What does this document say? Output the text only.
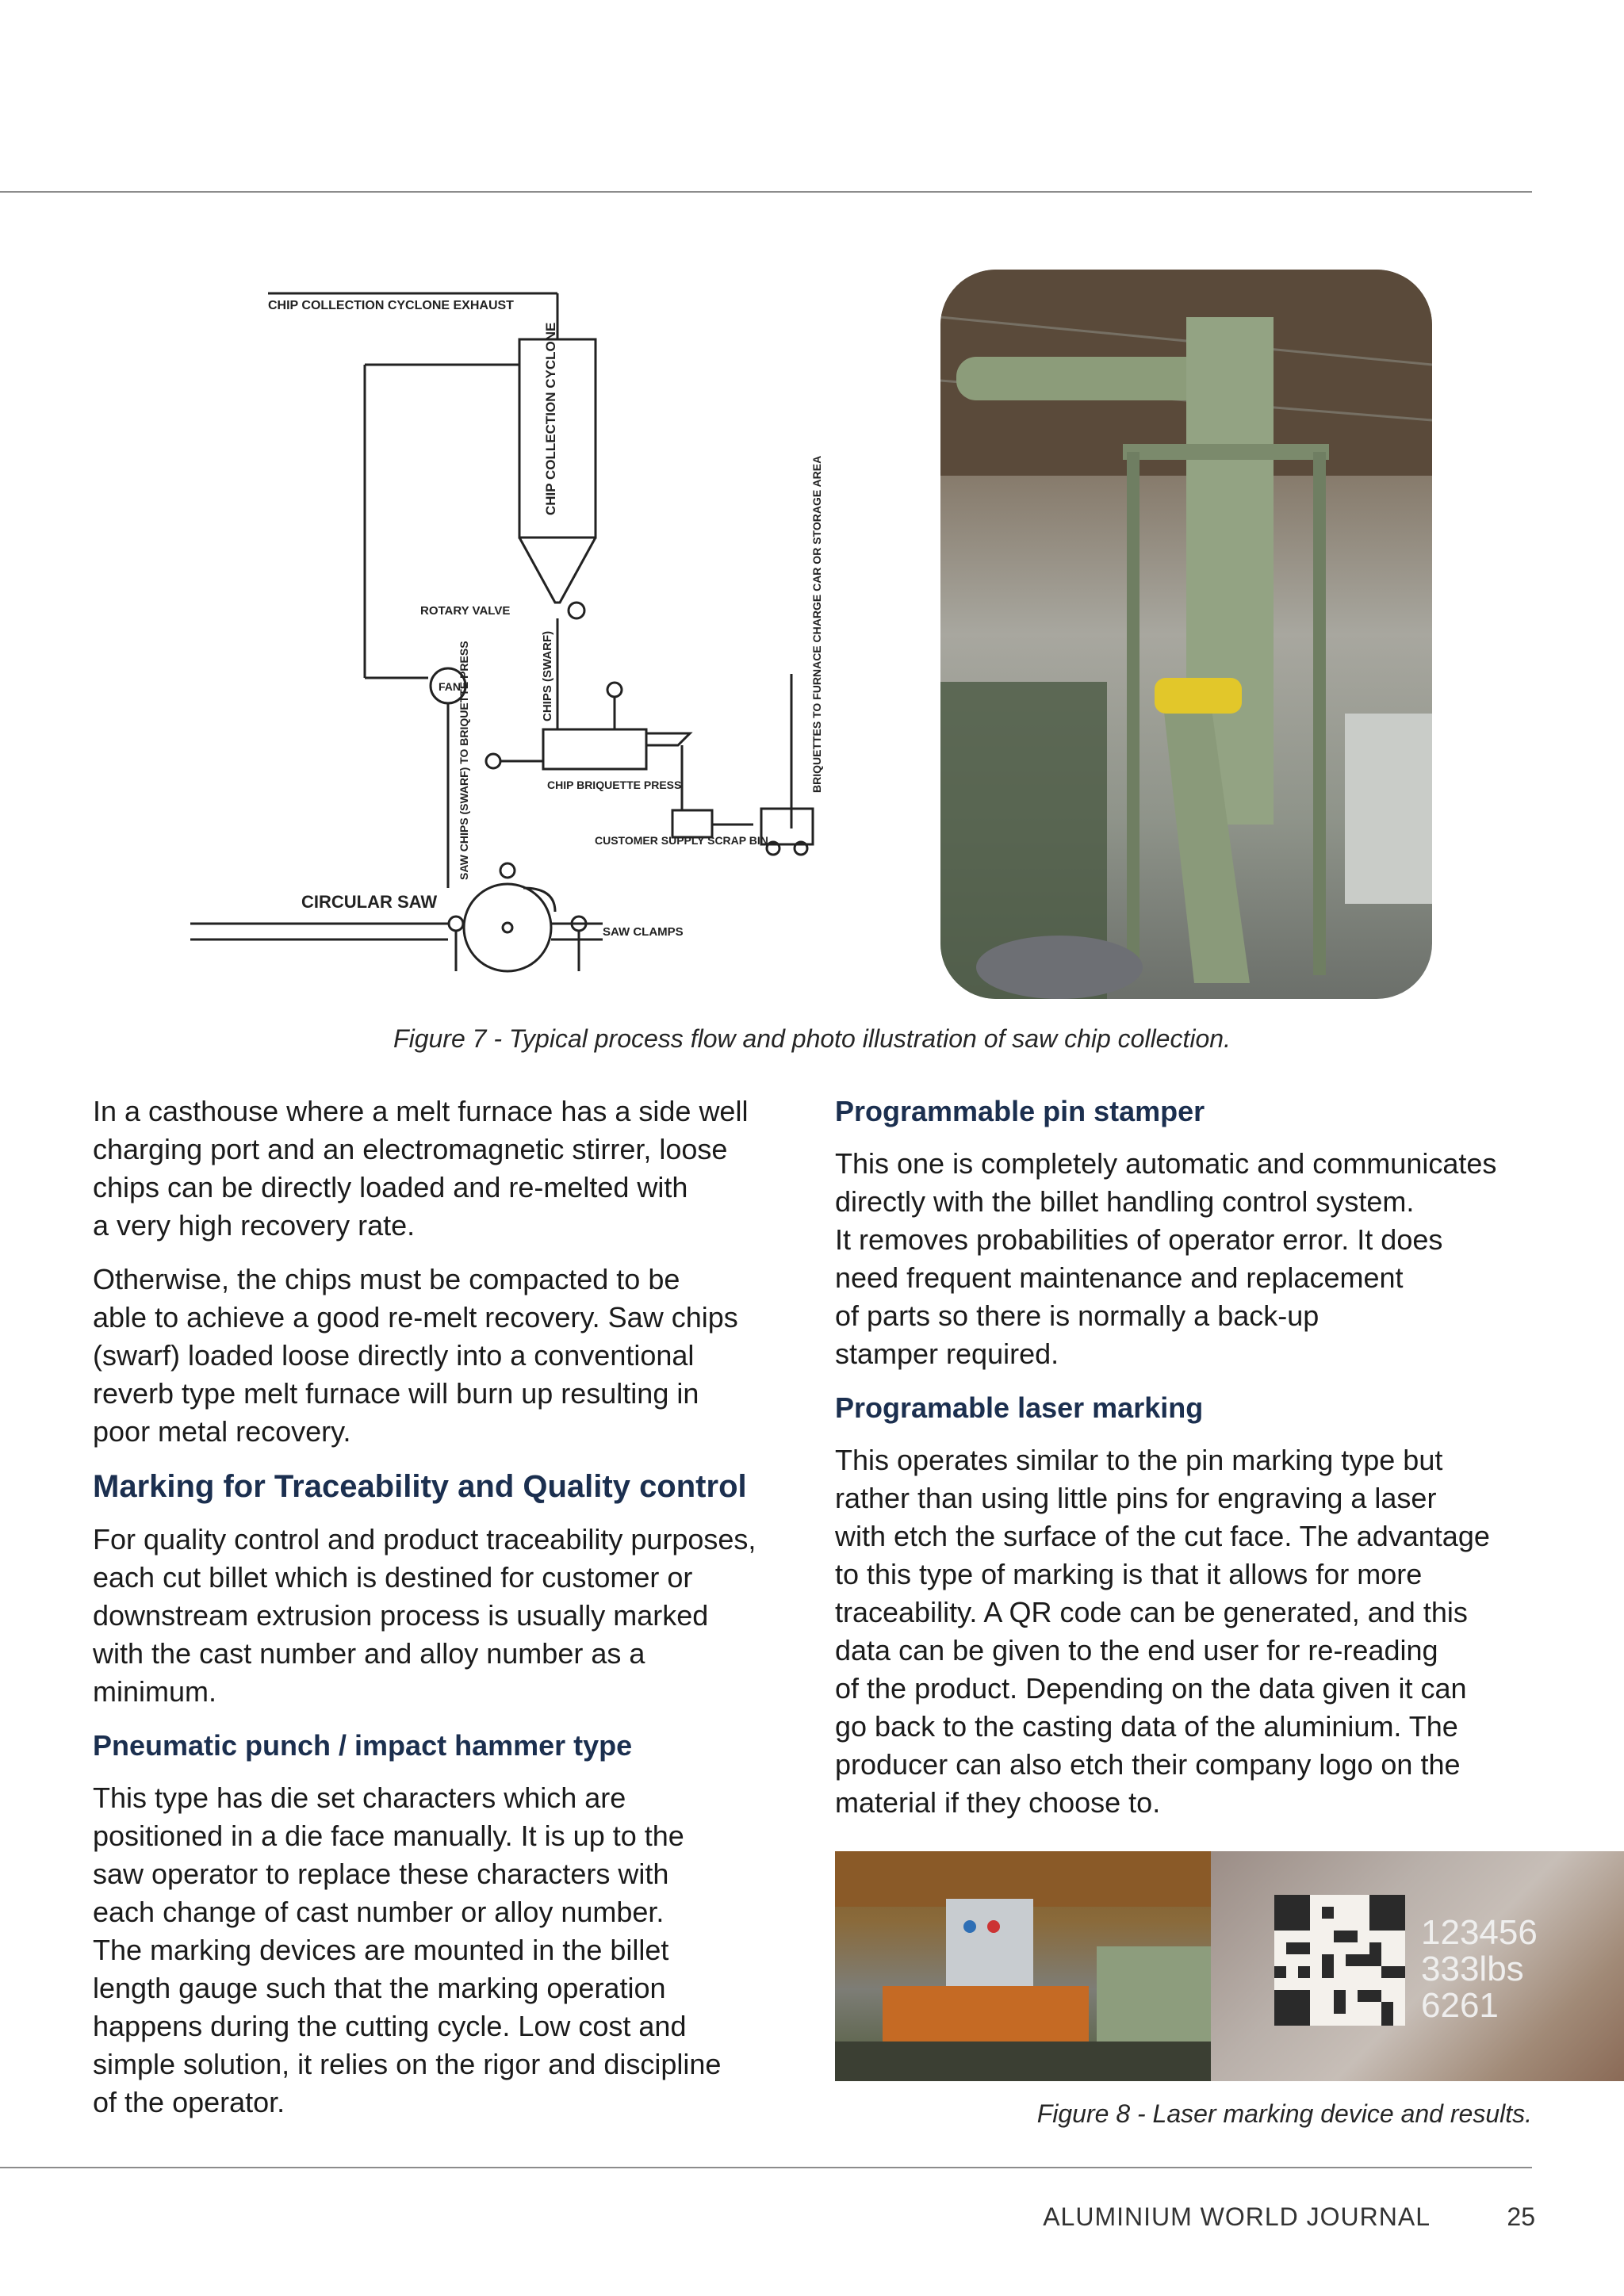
CHIP COLLECTION CYCLONE EXHAUST
CHIP COLLECTION CYCLONE
ROTARY VALVE
FAN	CHIPS (SWARF)
SAW CHIPS (SWARF) TO BRIQUETTE PRESS	CHIP BRIQUETTE PRESS
CUSTOMER SUPPLY SCRAP BIN
BRIQUETTES TO FURNACE CHARGE CAR OR STORAGE AREA
CIRCULAR SAW
SAW CLAMPS
Figure 7 - Typical process flow and photo illustration of saw chip collection.

In a casthouse where a melt furnace has a side well
charging port and an electromagnetic stirrer, loose
chips can be directly loaded and re-melted with
a very high recovery rate.

Otherwise, the chips must be compacted to be
able to achieve a good re-melt recovery. Saw chips
(swarf) loaded loose directly into a conventional
reverb type melt furnace will burn up resulting in
poor metal recovery.

Marking for Traceability and Quality control

For quality control and product traceability purposes,
each cut billet which is destined for customer or
downstream extrusion process is usually marked
with the cast number and alloy number as a
minimum.

Pneumatic punch / impact hammer type

This type has die set characters which are
positioned in a die face manually. It is up to the
saw operator to replace these characters with
each change of cast number or alloy number.
The marking devices are mounted in the billet
length gauge such that the marking operation
happens during the cutting cycle. Low cost and
simple solution, it relies on the rigor and discipline
of the operator.

Programmable pin stamper

This one is completely automatic and communicates
directly with the billet handling control system.
It removes probabilities of operator error. It does
need frequent maintenance and replacement
of parts so there is normally a back-up
stamper required.

Programable laser marking

This operates similar to the pin marking type but
rather than using little pins for engraving a laser
with etch the surface of the cut face. The advantage
to this type of marking is that it allows for more
traceability. A QR code can be generated, and this
data can be given to the end user for re-reading
of the product. Depending on the data given it can
go back to the casting data of the aluminium. The
producer can also etch their company logo on the
material if they choose to.

123456
333lbs
6261
Figure 8 - Laser marking device and results.
ALUMINIUM WORLD JOURNAL	25
